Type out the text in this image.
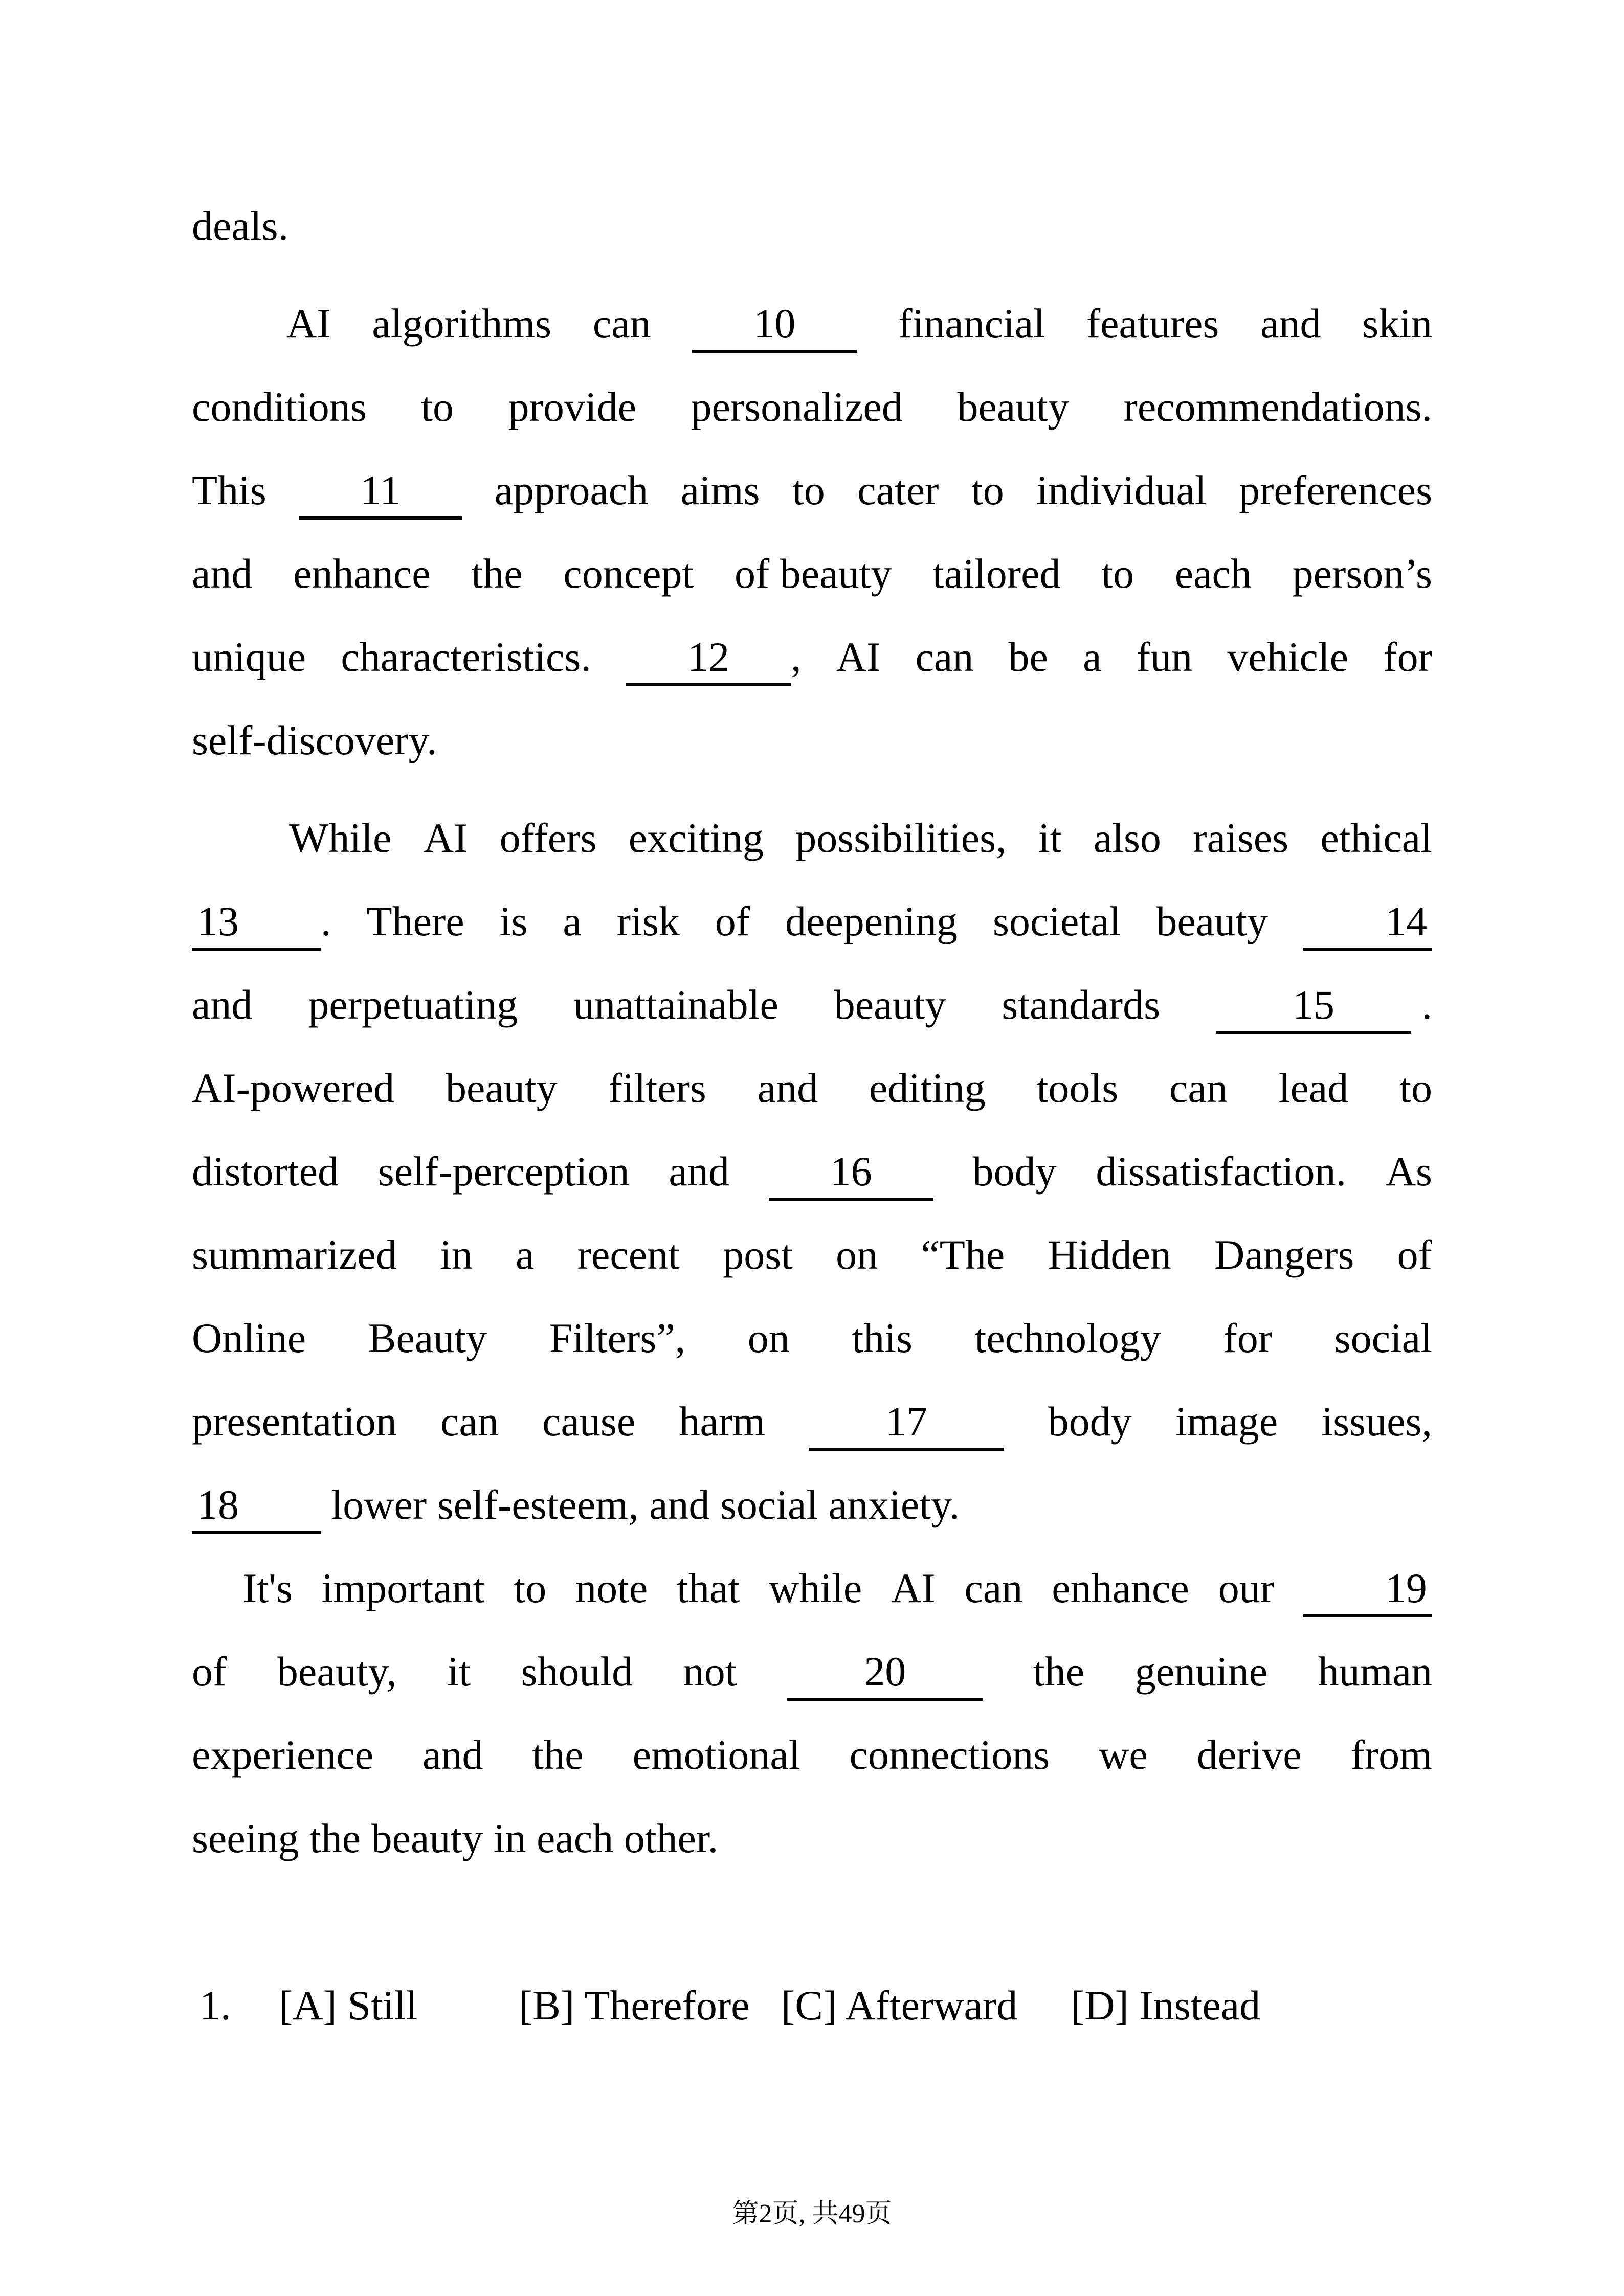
deals.
AI algorithms can	10	financial features and skin
conditions to provide personalized beauty recommendations.
This	11	approach aims to cater to individual preferences
and enhance the concept of beauty tailored to each person’s
unique characteristics.	12 , AI can be a fun vehicle for
self-discovery.
While AI offers exciting possibilities, it also raises ethical
13 . There is a risk of deepening societal beauty	14
and perpetuating unattainable beauty standards	15 .
AI-powered beauty filters and editing tools can lead to
distorted self-perception and	16	body dissatisfaction. As
summarized in a recent post on “The Hidden Dangers of
Online Beauty Filters”, on this technology for social
presentation can cause harm	17	body image issues,
18 lower self-esteem, and social anxiety.
It's important to note that while AI can enhance our	19
of beauty, it should not	20	the genuine human
experience and the emotional connections we derive from
seeing the beauty in each other.
1. [A] Still [B] Therefore [C] Afterward [D] Instead
第2页, 共49页
